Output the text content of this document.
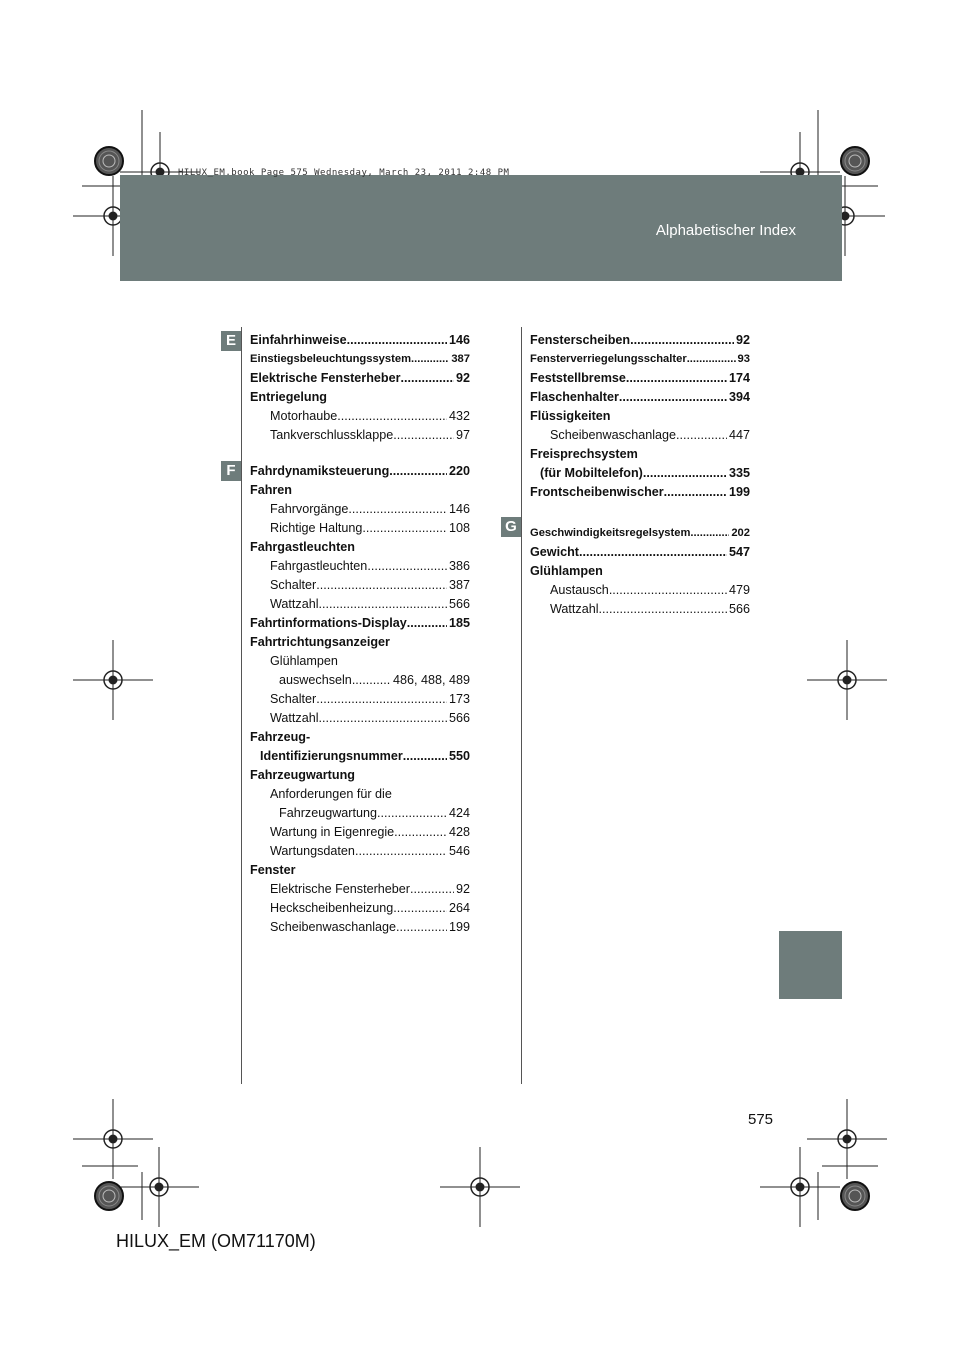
Alphabetischer Index
HILUX_EM.book Page 575 Wednesday, March 23, 2011 2:48 PM
E
F
G
Einfahrhinweise .....	146
Einstiegsbeleuchtungssystem .....	387
Elektrische Fensterheber .....	92
Entriegelung
Motorhaube .....	432
Tankverschlussklappe .....	97
Fahrdynamiksteuerung .....	220
Fahren
Fahrvorgänge .....	146
Richtige Haltung .....	108
Fahrgastleuchten
Fahrgastleuchten .....	386
Schalter .....	387
Wattzahl .....	566
Fahrtinformations-Display .....	185
Fahrtrichtungsanzeiger
Glühlampen
auswechseln .....	486, 488, 489
Schalter .....	173
Wattzahl .....	566
Fahrzeug-
Identifizierungsnummer .....	550
Fahrzeugwartung
Anforderungen für die
Fahrzeugwartung .....	424
Wartung in Eigenregie .....	428
Wartungsdaten .....	546
Fenster
Elektrische Fensterheber .....	92
Heckscheibenheizung .....	264
Scheibenwaschanlage .....	199
Fensterscheiben .....	92
Fensterverriegelungsschalter .....	93
Feststellbremse .....	174
Flaschenhalter .....	394
Flüssigkeiten
Scheibenwaschanlage .....	447
Freisprechsystem
(für Mobiltelefon) .....	335
Frontscheibenwischer .....	199
Geschwindigkeitsregelsystem .....	202
Gewicht .....	547
Glühlampen
Austausch .....	479
Wattzahl .....	566
575
HILUX_EM (OM71170M)
